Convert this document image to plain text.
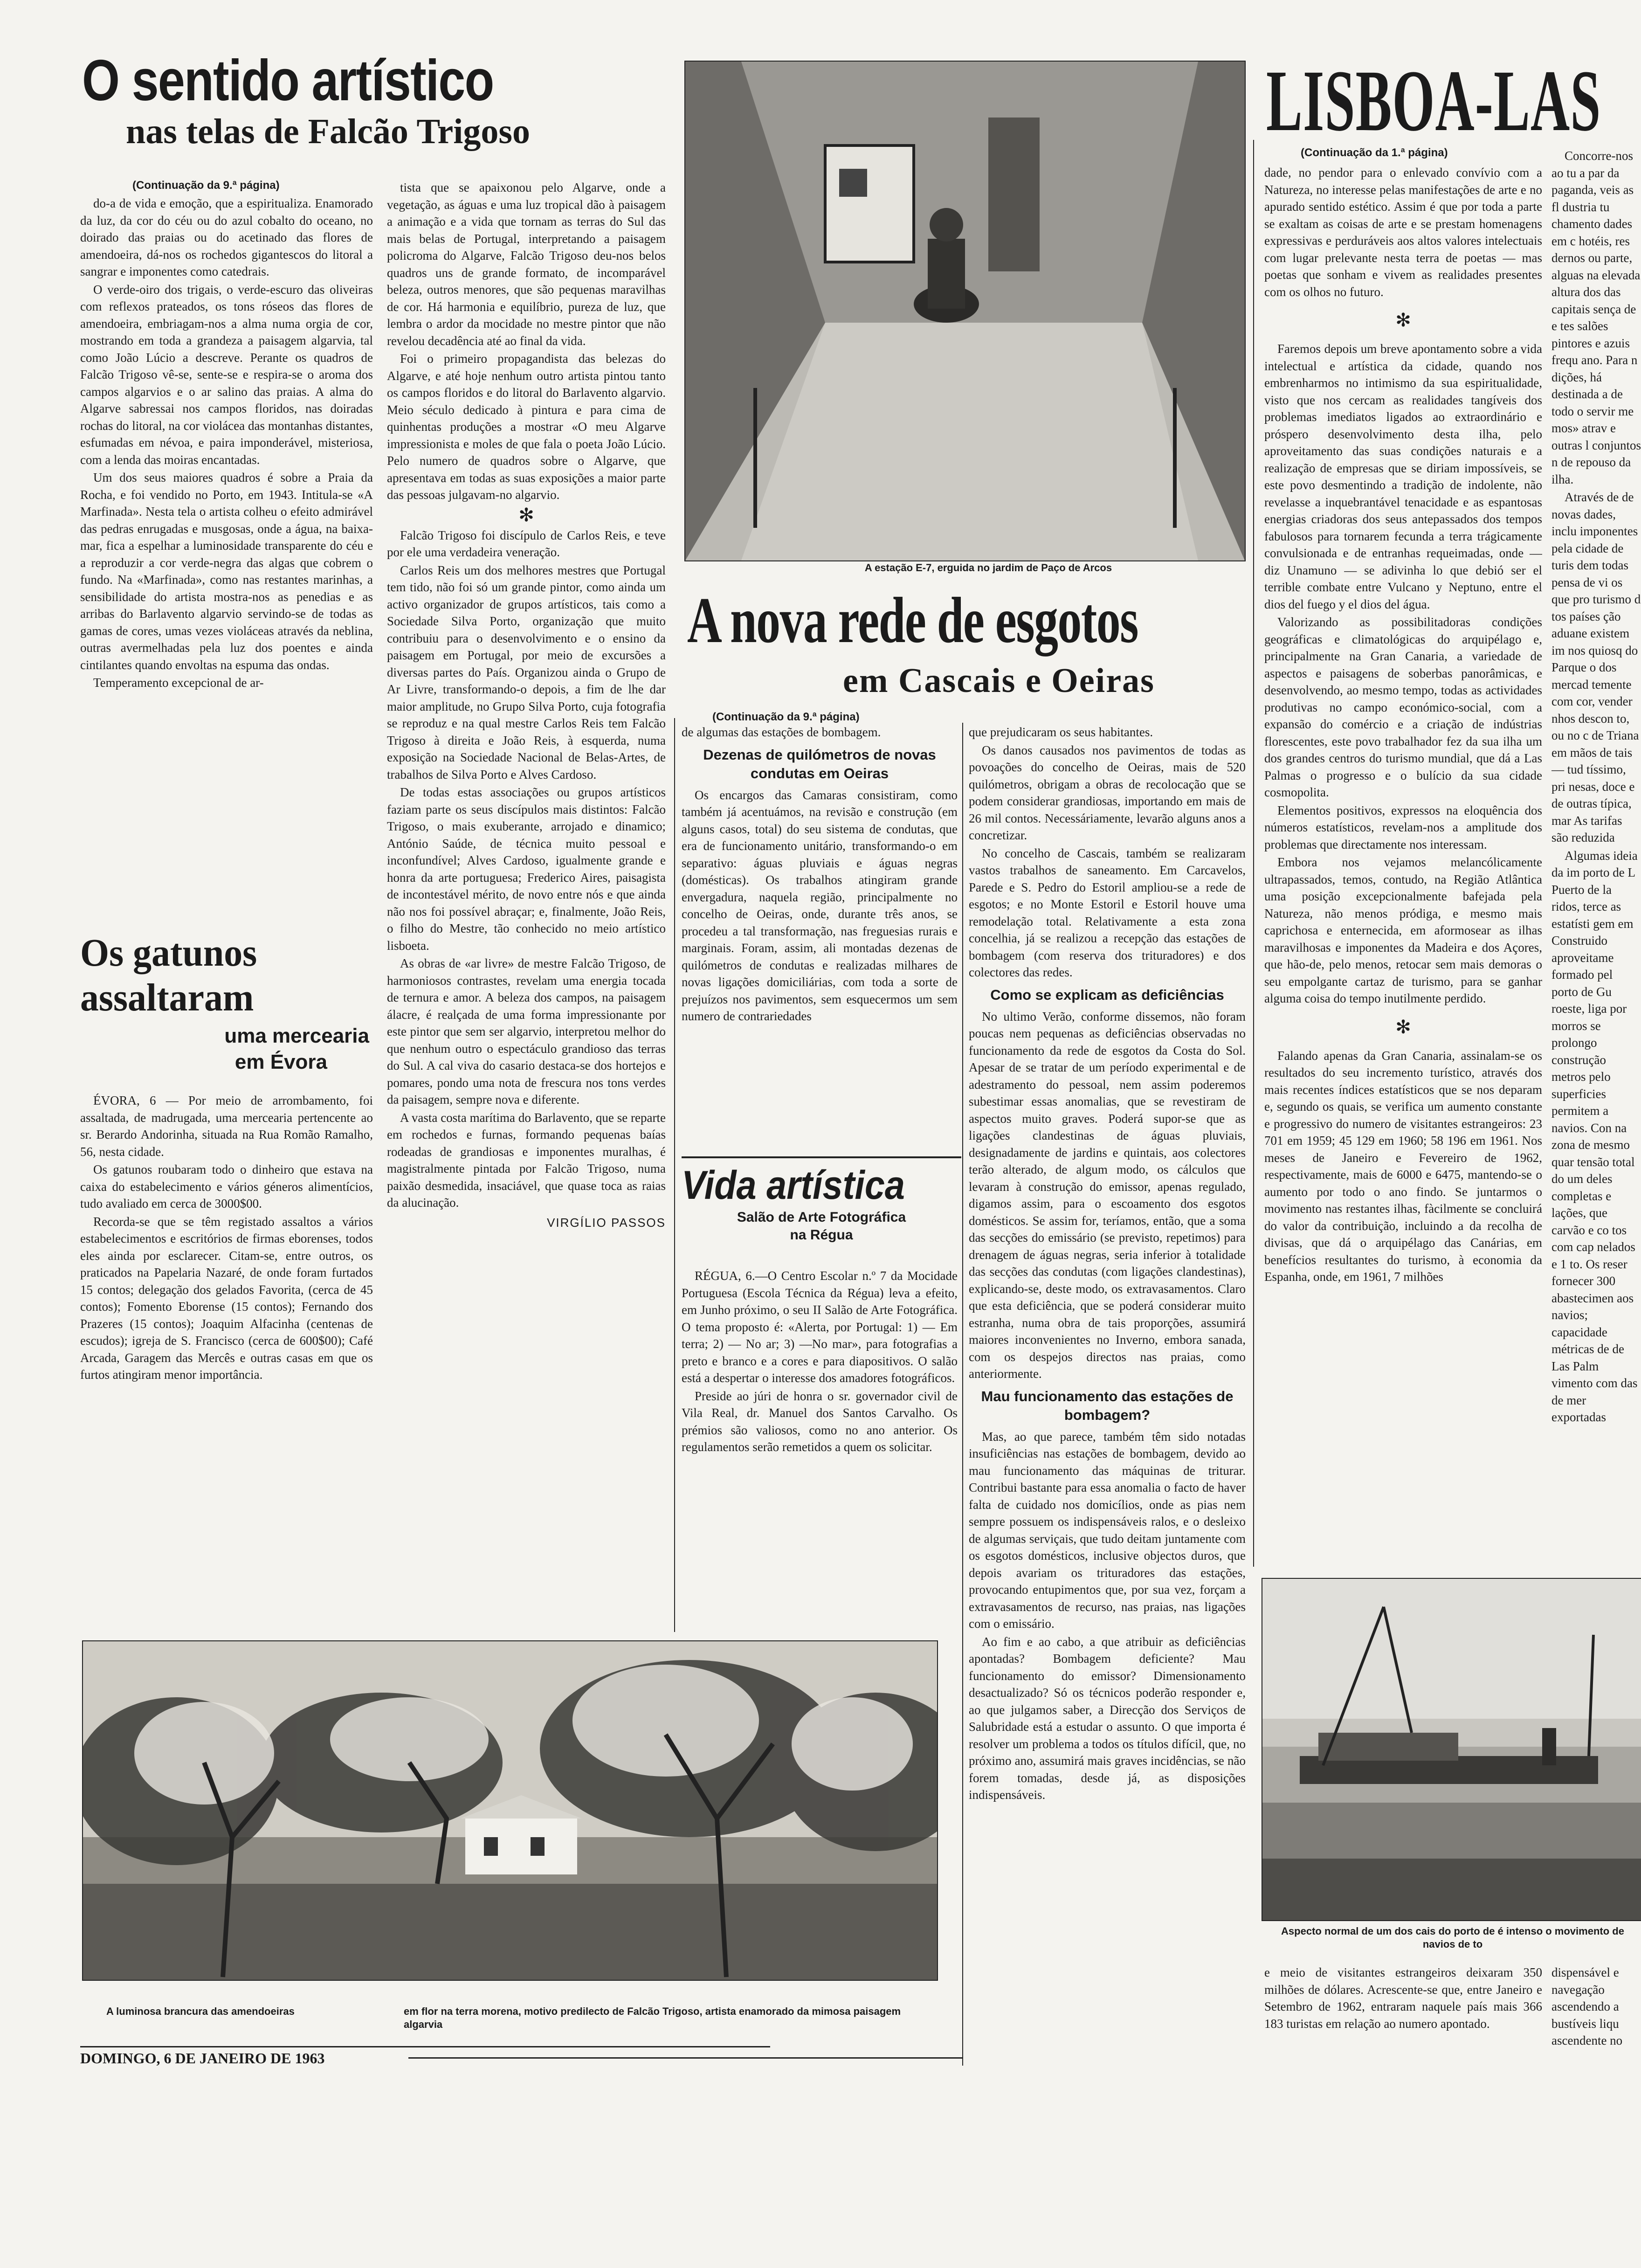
O sentido artístico
nas telas de Falcão Trigoso
(Continuação da 9.ª página)

do-a de vida e emoção, que a espiritualiza. Enamorado da luz, da cor do céu ou do azul cobalto do oceano, no doirado das praias ou do acetinado das flores de amendoeira, dá-nos os rochedos gigantescos do litoral a sangrar e imponentes como catedrais.

O verde-oiro dos trigais, o verde-escuro das oliveiras com reflexos prateados, os tons róseos das flores de amendoeira, embriagam-nos a alma numa orgia de cor, mostrando em toda a grandeza a paisagem algarvia, tal como João Lúcio a descreve. Perante os quadros de Falcão Trigoso vê-se, sente-se e respira-se o aroma dos campos algarvios e o ar salino das praias. A alma do Algarve sabressai nos campos floridos, nas doiradas rochas do litoral, na cor violácea das montanhas distantes, esfumadas em névoa, e paira imponderável, misteriosa, com a lenda das moiras encantadas.

Um dos seus maiores quadros é sobre a Praia da Rocha, e foi vendido no Porto, em 1943. Intitula-se «A Marfinada». Nesta tela o artista colheu o efeito admirável das pedras enrugadas e musgosas, onde a água, na baixa-mar, fica a espelhar a luminosidade transparente do céu e a reproduzir a cor verde-negra das algas que cobrem o fundo. Na «Marfinada», como nas restantes marinhas, a sensibilidade do artista mostra-nos as penedias e as arribas do Barlavento algarvio servindo-se de todas as gamas de cores, umas vezes violáceas através da neblina, outras avermelhadas pela luz dos poentes e ainda cintilantes quando envoltas na espuma das ondas.

Temperamento excepcional de ar-

tista que se apaixonou pelo Algarve, onde a vegetação, as águas e uma luz tropical dão à paisagem a animação e a vida que tornam as terras do Sul das mais belas de Portugal, interpretando a paisagem policroma do Algarve, Falcão Trigoso deu-nos belos quadros uns de grande formato, de incomparável beleza, outros menores, que são pequenas maravilhas de cor. Há harmonia e equilíbrio, pureza de luz, que lembra o ardor da mocidade no mestre pintor que não revelou decadência até ao final da vida.

Foi o primeiro propagandista das belezas do Algarve, e até hoje nenhum outro artista pintou tanto os campos floridos e do litoral do Barlavento algarvio. Meio século dedicado à pintura e para cima de quinhentas produções a mostrar «O meu Algarve impressionista e moles de que fala o poeta João Lúcio. Pelo numero de quadros sobre o Algarve, que apresentava em todas as suas exposições a maior parte das pessoas julgavam-no algarvio.

✻

Falcão Trigoso foi discípulo de Carlos Reis, e teve por ele uma verdadeira veneração.

Carlos Reis um dos melhores mestres que Portugal tem tido, não foi só um grande pintor, como ainda um activo organizador de grupos artísticos, tais como a Sociedade Silva Porto, organização que muito contribuiu para o desenvolvimento e o ensino da paisagem em Portugal, por meio de excursões a diversas partes do País. Organizou ainda o Grupo de Ar Livre, transformando-o depois, a fim de lhe dar maior amplitude, no Grupo Silva Porto, cuja fotografia se reproduz e na qual mestre Carlos Reis tem Falcão Trigoso à direita e João Reis, à esquerda, numa exposição na Sociedade Nacional de Belas-Artes, de trabalhos de Silva Porto e Alves Cardoso.

De todas estas associações ou grupos artísticos faziam parte os seus discípulos mais distintos: Falcão Trigoso, o mais exuberante, arrojado e dinamico; António Saúde, de técnica muito pessoal e inconfundível; Alves Cardoso, igualmente grande e honra da arte portuguesa; Frederico Aires, paisagista de incontestável mérito, de novo entre nós e que ainda não nos foi possível abraçar; e, finalmente, João Reis, o filho do Mestre, tão conhecido no meio artístico lisboeta.

As obras de «ar livre» de mestre Falcão Trigoso, de harmoniosos contrastes, revelam uma energia tocada de ternura e amor. A beleza dos campos, na paisagem álacre, é realçada de uma forma impressionante por este pintor que sem ser algarvio, interpretou melhor do que nenhum outro o espectáculo grandioso das terras do Sul. A cal viva do casario destaca-se dos hortejos e pomares, pondo uma nota de frescura nos tons verdes da paisagem, sempre nova e diferente.

A vasta costa marítima do Barlavento, que se reparte em rochedos e furnas, formando pequenas baías rodeadas de grandiosas e imponentes muralhas, é magistralmente pintada por Falcão Trigoso, numa paixão desmedida, insaciável, que quase toca as raias da alucinação.

VIRGÍLIO PASSOS
Os gatunos
assaltaram
uma mercearia
em Évora

ÉVORA, 6 — Por meio de arrombamento, foi assaltada, de madrugada, uma mercearia pertencente ao sr. Berardo Andorinha, situada na Rua Romão Ramalho, 56, nesta cidade.

Os gatunos roubaram todo o dinheiro que estava na caixa do estabelecimento e vários géneros alimentícios, tudo avaliado em cerca de 3000$00.

Recorda-se que se têm registado assaltos a vários estabelecimentos e escritórios de firmas eborenses, todos eles ainda por esclarecer. Citam-se, entre outros, os praticados na Papelaria Nazaré, de onde foram furtados 15 contos; delegação dos gelados Favorita, (cerca de 45 contos); Fomento Eborense (15 contos); Fernando dos Prazeres (15 contos); Joaquim Alfacinha (centenas de escudos); igreja de S. Francisco (cerca de 600$00); Café Arcada, Garagem das Mercês e outras casas em que os furtos atingiram menor importância.

A luminosa brancura das amendoeiras	em flor na terra morena, motivo predilecto de Falcão Trigoso, artista enamorado da mimosa paisagem algarvia
DOMINGO, 6 DE JANEIRO DE 1963
A estação E-7, erguida no jardim de Paço de Arcos
A nova rede de esgotos
em Cascais e Oeiras
(Continuação da 9.ª página)

de algumas das estações de bombagem.

Dezenas de quilómetros de novas condutas em Oeiras

Os encargos das Camaras consistiram, como também já acentuámos, na revisão e construção (em alguns casos, total) do seu sistema de condutas, que era de funcionamento unitário, transformando-o em separativo: águas pluviais e águas negras (domésticas). Os trabalhos atingiram grande envergadura, naquela região, principalmente no concelho de Oeiras, onde, durante três anos, se procedeu a tal transformação, nas freguesias rurais e marginais. Foram, assim, ali montadas dezenas de quilómetros de condutas e realizadas milhares de novas ligações domiciliárias, com toda a sorte de prejuízos nos pavimentos, sem esquecermos um sem numero de contrariedades

que prejudicaram os seus habitantes.

Os danos causados nos pavimentos de todas as povoações do concelho de Oeiras, mais de 520 quilómetros, obrigam a obras de recolocação que se podem considerar grandiosas, importando em mais de 26 mil contos. Necessáriamente, levarão alguns anos a concretizar.

No concelho de Cascais, também se realizaram vastos trabalhos de saneamento. Em Carcavelos, Parede e S. Pedro do Estoril ampliou-se a rede de esgotos; e no Monte Estoril e Estoril houve uma remodelação total. Relativamente a esta zona concelhia, já se realizou a recepção das estações de bombagem (com reserva dos trituradores) e dos colectores das redes.

Como se explicam as deficiências

No ultimo Verão, conforme dissemos, não foram poucas nem pequenas as deficiências observadas no funcionamento da rede de esgotos da Costa do Sol. Apesar de se tratar de um período experimental e de adestramento do pessoal, nem assim poderemos subestimar essas anomalias, que se revestiram de aspectos muito graves. Poderá supor-se que as ligações clandestinas de águas pluviais, designadamente de jardins e quintais, aos colectores terão alterado, de algum modo, os cálculos que levaram à construção do emissor, apenas regulado, digamos assim, para o escoamento dos esgotos domésticos. Se assim for, teríamos, então, que a soma das secções do emissário (se previsto, repetimos) para drenagem de águas negras, seria inferior à totalidade das secções das condutas (com ligações clandestinas), explicando-se, deste modo, os extravasamentos. Claro que esta deficiência, que se poderá considerar muito estranha, numa obra de tais proporções, assumirá maiores inconvenientes no Inverno, embora sanada, com os despejos directos nas praias, como anteriormente.

Mau funcionamento das estações de bombagem?

Mas, ao que parece, também têm sido notadas insuficiências nas estações de bombagem, devido ao mau funcionamento das máquinas de triturar. Contribui bastante para essa anomalia o facto de haver falta de cuidado nos domicílios, onde as pias nem sempre possuem os indispensáveis ralos, e o desleixo de algumas serviçais, que tudo deitam juntamente com os esgotos domésticos, inclusive objectos duros, que depois avariam os trituradores das estações, provocando entupimentos que, por sua vez, forçam a extravasamentos de recurso, nas praias, nas ligações com o emissário.

Ao fim e ao cabo, a que atribuir as deficiências apontadas? Bombagem deficiente? Mau funcionamento do emissor? Dimensionamento desactualizado? Só os técnicos poderão responder e, ao que julgamos saber, a Direcção dos Serviços de Salubridade está a estudar o assunto. O que importa é resolver um problema a todos os títulos difícil, que, no próximo ano, assumirá mais graves incidências, se não forem tomadas, desde já, as disposições indispensáveis.

Vida artística
Salão de Arte Fotográfica
na Régua

RÉGUA, 6.—O Centro Escolar n.º 7 da Mocidade Portuguesa (Escola Técnica da Régua) leva a efeito, em Junho próximo, o seu II Salão de Arte Fotográfica. O tema proposto é: «Alerta, por Portugal: 1) — Em terra; 2) — No ar; 3) —No mar», para fotografias a preto e branco e a cores e para diapositivos. O salão está a despertar o interesse dos amadores fotográficos.

Preside ao júri de honra o sr. governador civil de Vila Real, dr. Manuel dos Santos Carvalho. Os prémios são valiosos, como no ano anterior. Os regulamentos serão remetidos a quem os solicitar.

LISBOA-LAS
(Continuação da 1.ª página)

dade, no pendor para o enlevado convívio com a Natureza, no interesse pelas manifestações de arte e no apurado sentido estético. Assim é que por toda a parte se exaltam as coisas de arte e se prestam homenagens expressivas e perduráveis aos altos valores intelectuais com lugar prelevante nesta terra de poetas — mas poetas que sonham e vivem as realidades presentes com os olhos no futuro.

✻

Faremos depois um breve apontamento sobre a vida intelectual e artística da cidade, quando nos embrenharmos no intimismo da sua espiritualidade, visto que nos cercam as realidades tangíveis dos problemas imediatos ligados ao extraordinário e próspero desenvolvimento desta ilha, pelo aproveitamento das suas condições naturais e a realização de empresas que se diriam impossíveis, se este povo desmentindo a tradição de indolente, não revelasse a inquebrantável tenacidade e as espantosas energias criadoras dos seus antepassados dos tempos fabulosos para tornarem fecunda a terra trágicamente convulsionada e de entranhas requeimadas, onde — diz Unamuno — se adivinha lo que debió ser el terrible combate entre Vulcano y Neptuno, entre el dios del fuego y el dios del água.

Valorizando as possibilitadoras condições geográficas e climatológicas do arquipélago e, principalmente na Gran Canaria, a variedade de aspectos e paisagens de soberbas panorâmicas, e desenvolvendo, ao mesmo tempo, todas as actividades produtivas no campo económico-social, com a expansão do comércio e a criação de indústrias florescentes, este povo trabalhador fez da sua ilha um dos grandes centros do turismo mundial, que dá a Las Palmas o progresso e o bulício da sua cidade cosmopolita.

Elementos positivos, expressos na eloquência dos números estatísticos, revelam-nos a amplitude dos problemas que directamente nos interessam.

Embora nos vejamos melancólicamente ultrapassados, temos, contudo, na Região Atlântica uma posição excepcionalmente bafejada pela Natureza, não menos pródiga, e mesmo mais caprichosa e enternecida, em aformosear as ilhas maravilhosas e imponentes da Madeira e dos Açores, que hão-de, pelo menos, retocar sem mais demoras o seu empolgante cartaz de turismo, para se ganhar alguma coisa do tempo inutilmente perdido.

✻

Falando apenas da Gran Canaria, assinalam-se os resultados do seu incremento turístico, através dos mais recentes índices estatísticos que se nos deparam e, segundo os quais, se verifica um aumento constante e progressivo do numero de visitantes estrangeiros: 23 701 em 1959; 45 129 em 1960; 58 196 em 1961. Nos meses de Janeiro e Fevereiro de 1962, respectivamente, mais de 6000 e 6475, mantendo-se o aumento por todo o ano findo. Se juntarmos o movimento nas restantes ilhas, fàcilmente se concluirá do valor da contribuição, incluindo a da recolha de divisas, que dá o arquipélago das Canárias, em benefícios resultantes do turismo, à economia da Espanha, onde, em 1961, 7 milhões

Concorre-nos ao tu a par da paganda, veis as fl dustria tu chamento dades em c hotéis, res dernos ou parte, alguas na elevada altura dos das capitais sença de e tes salões pintores e azuis frequ ano. Para n dições, há destinada a de todo o servir me mos» atrav e outras l conjuntos n de repouso da ilha.

Através de de novas dades, inclu imponentes pela cidade de turis dem todas pensa de vi os que pro turismo d tos países ção aduane existem im nos quiosq do Parque o dos mercad temente com cor, vender nhos descon to, ou no c de Triana em mãos de tais — tud tíssimo, pri nesas, doce e de outras típica, mar As tarifas são reduzida

Algumas ideia da im porto de L Puerto de la ridos, terce as estatísti gem em Construido aproveitame formado pel porto de Gu roeste, liga por morros se prolongo construção metros pelo superficies permitem a navios. Con na zona de mesmo quar tensão total do um deles completas e lações, que carvão e co tos com cap nelados e 1 to. Os reser fornecer 300 abastecimen aos navios; capacidade métricas de de Las Palm vimento com das de mer exportadas

Aspecto normal de um dos cais do porto de é intenso o movimento de navios de to

e meio de visitantes estrangeiros deixaram 350 milhões de dólares. Acrescente-se que, entre Janeiro e Setembro de 1962, entraram naquele país mais 366 183 turistas em relação ao numero apontado.

dispensável e navegação ascendendo a bustíveis liqu ascendente no
